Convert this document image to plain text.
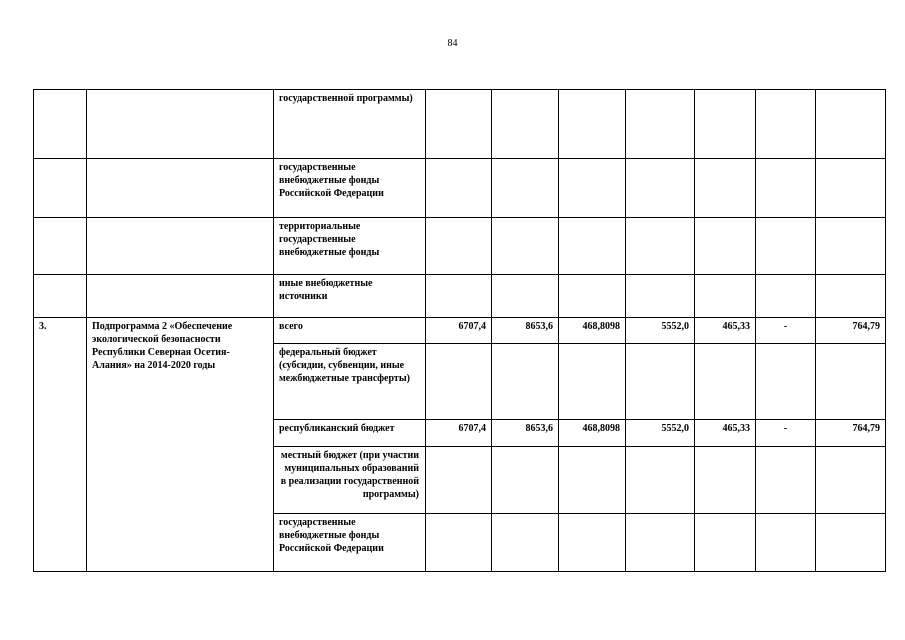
84
		государственной программы)							
		государственные внебюджетные фонды Российской Федерации							
		территориальные государственные внебюджетные фонды							
		иные внебюджетные источники							
3.	Подпрограмма 2 «Обеспечение экологической безопасности Республики Северная Осетия-Алания» на 2014-2020 годы	всего	6707,4	8653,6	468,8098	5552,0	465,33	-	764,79
		федеральный бюджет (субсидии, субвенции, иные межбюджетные трансферты)							
		республиканский бюджет	6707,4	8653,6	468,8098	5552,0	465,33	-	764,79
		местный бюджет (при участии муниципальных образований в реализации государственной программы)							
		государственные внебюджетные фонды Российской Федерации							
